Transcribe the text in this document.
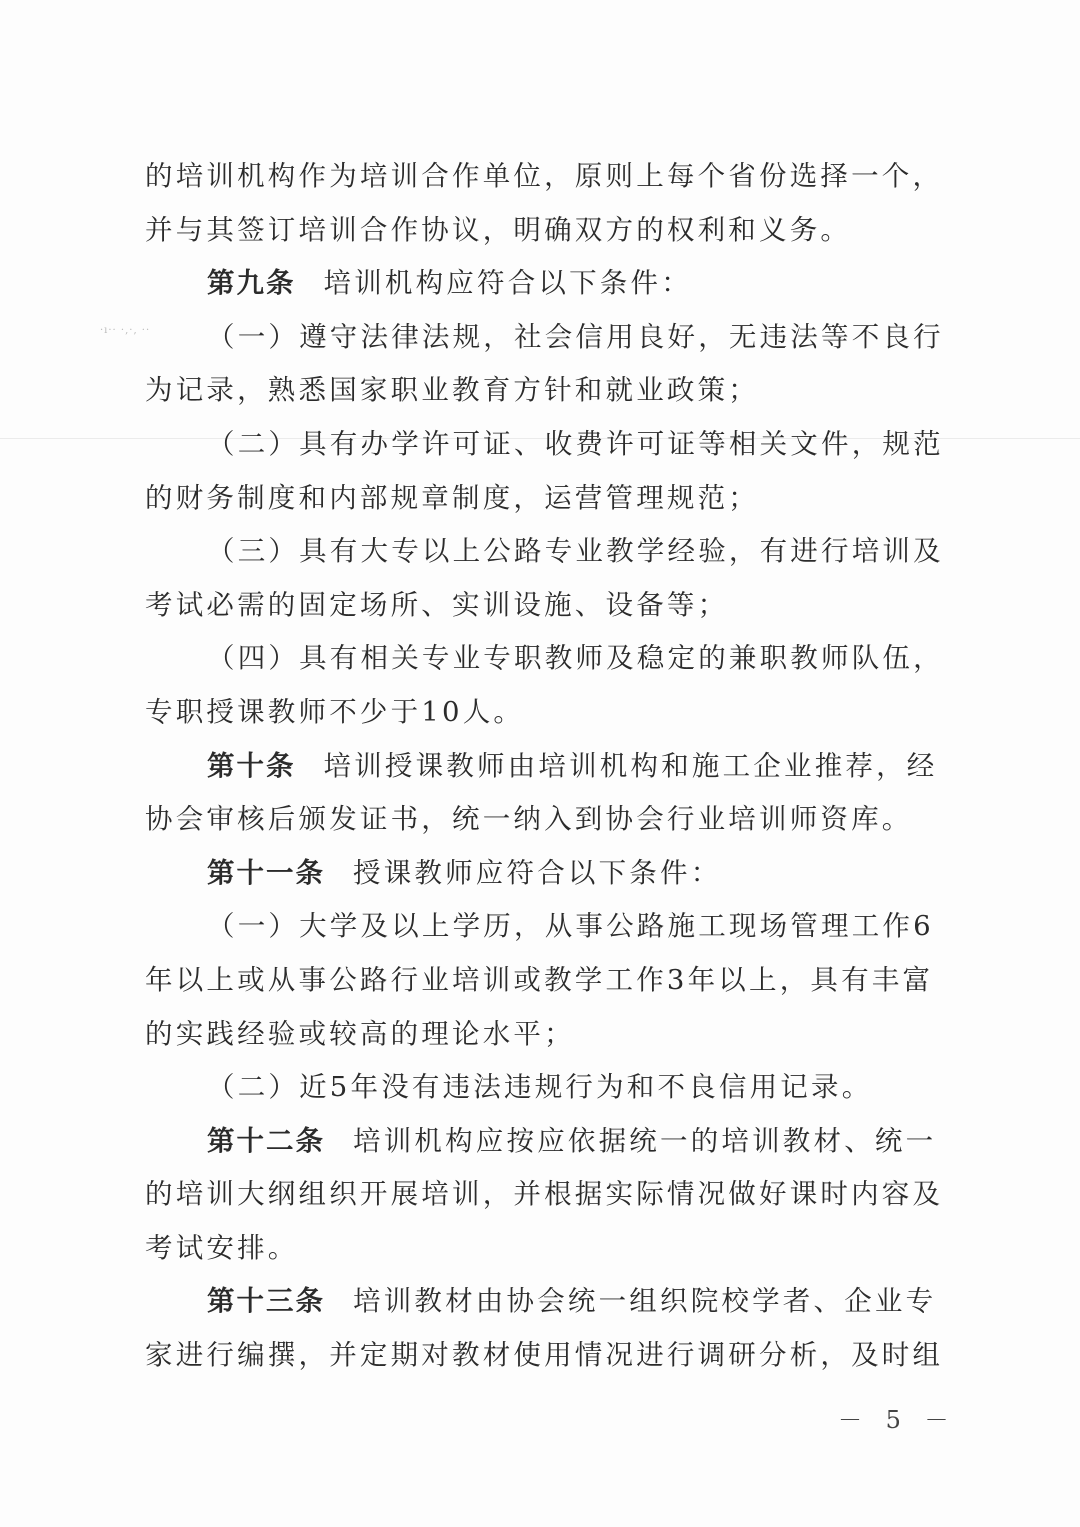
·ı·· ·,·, ··
的培训机构作为培训合作单位，原则上每个省份选择一个，
并与其签订培训合作协议，明确双方的权利和义务。
第九条 培训机构应符合以下条件：
（一）遵守法律法规，社会信用良好，无违法等不良行
为记录，熟悉国家职业教育方针和就业政策；
（二）具有办学许可证、收费许可证等相关文件，规范
的财务制度和内部规章制度，运营管理规范；
（三）具有大专以上公路专业教学经验，有进行培训及
考试必需的固定场所、实训设施、设备等；
（四）具有相关专业专职教师及稳定的兼职教师队伍，
专职授课教师不少于10人。
第十条 培训授课教师由培训机构和施工企业推荐，经
协会审核后颁发证书，统一纳入到协会行业培训师资库。
第十一条 授课教师应符合以下条件：
（一）大学及以上学历，从事公路施工现场管理工作6
年以上或从事公路行业培训或教学工作3年以上，具有丰富
的实践经验或较高的理论水平；
（二）近5年没有违法违规行为和不良信用记录。
第十二条 培训机构应按应依据统一的培训教材、统一
的培训大纲组织开展培训，并根据实际情况做好课时内容及
考试安排。
第十三条 培训教材由协会统一组织院校学者、企业专
家进行编撰，并定期对教材使用情况进行调研分析，及时组
－ 5 －
